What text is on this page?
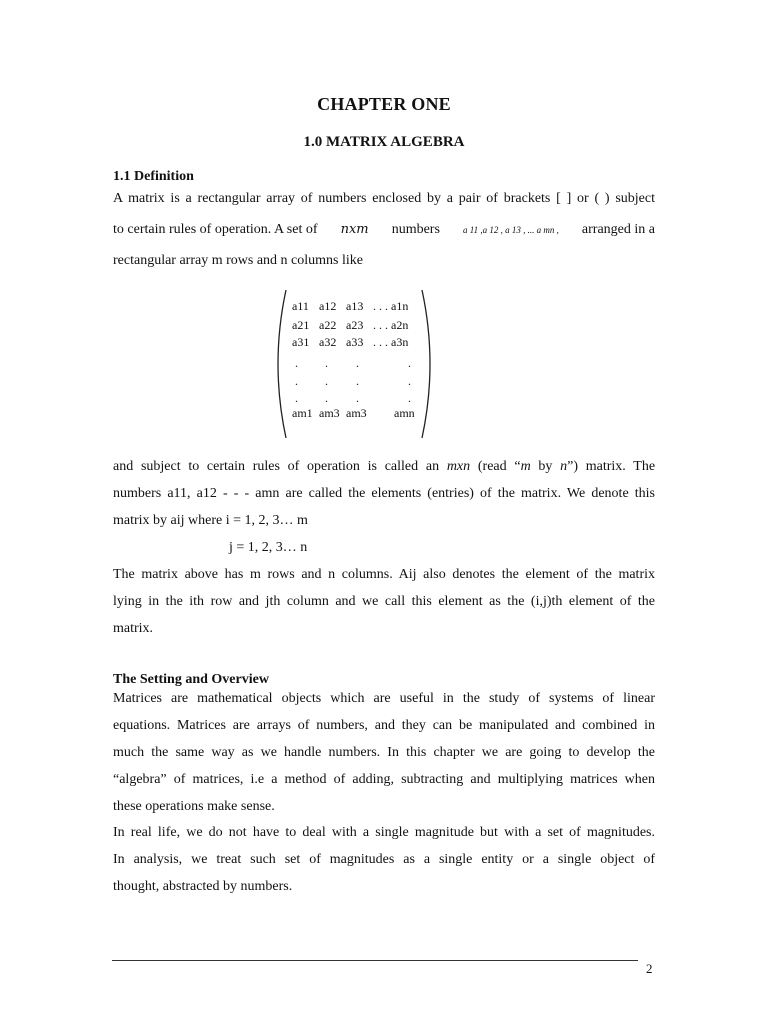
CHAPTER ONE
1.0 MATRIX ALGEBRA
1.1 Definition
A matrix is a rectangular array of numbers enclosed by a pair of brackets [ ] or ( ) subject
to certain rules of operation. A set of nxm numbers	a 11 ,a 12 , a 13 , ... a mn , arranged in a
rectangular array m rows and n columns like
a11 a12 a13 . . . a1n
a21 a22 a23 . . . a2n
a31 a32 a33 . . . a3n
. . .	.
. . .	.
. . .	.
am1 am3 am3 amn
and subject to certain rules of operation is called an mxn (read “m by n”) matrix. The
numbers a11, a12 - - - amn are called the elements (entries) of the matrix. We denote this
matrix by aij where i = 1, 2, 3… m
j = 1, 2, 3… n
The matrix above has m rows and n columns. Aij also denotes the element of the matrix
lying in the ith row and jth column and we call this element as the (i,j)th element of the
matrix.
The Setting and Overview
Matrices are mathematical objects which are useful in the study of systems of linear
equations. Matrices are arrays of numbers, and they can be manipulated and combined in
much the same way as we handle numbers. In this chapter we are going to develop the
“algebra” of matrices, i.e a method of adding, subtracting and multiplying matrices when
these operations make sense.
In real life, we do not have to deal with a single magnitude but with a set of magnitudes.
In analysis, we treat such set of magnitudes as a single entity or a single object of
thought, abstracted by numbers.
2
